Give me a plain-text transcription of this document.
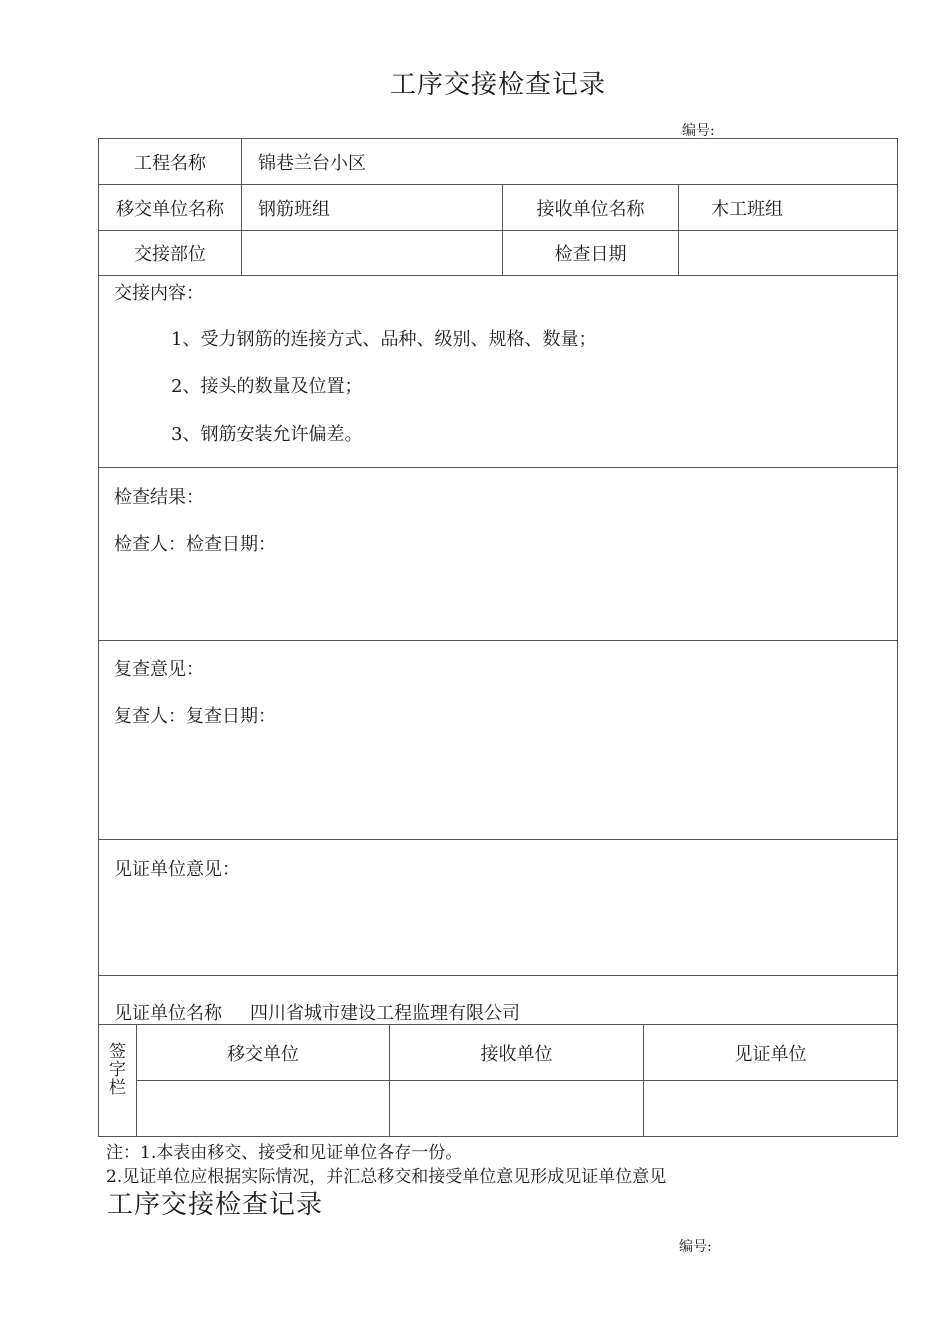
工序交接检查记录
编号:
工程名称	锦巷兰台小区		
移交单位名称	钢筋班组	接收单位名称	木工班组
交接部位		检查日期	

交接内容：
1、受力钢筋的连接方式、品种、级别、规格、数量；
2、接头的数量及位置；
3、钢筋安装允许偏差。			

检查结果：
检查人：检查日期：			

复查意见：
复查人：复查日期：			

见证单位意见：			

见证单位名称 四川省城市建设工程监理有限公司			
签字栏	移交单位	接收单位	见证单位

注：1.本表由移交、接受和见证单位各存一份。
2.见证单位应根据实际情况，并汇总移交和接受单位意见形成见证单位意见
工序交接检查记录
编号:
